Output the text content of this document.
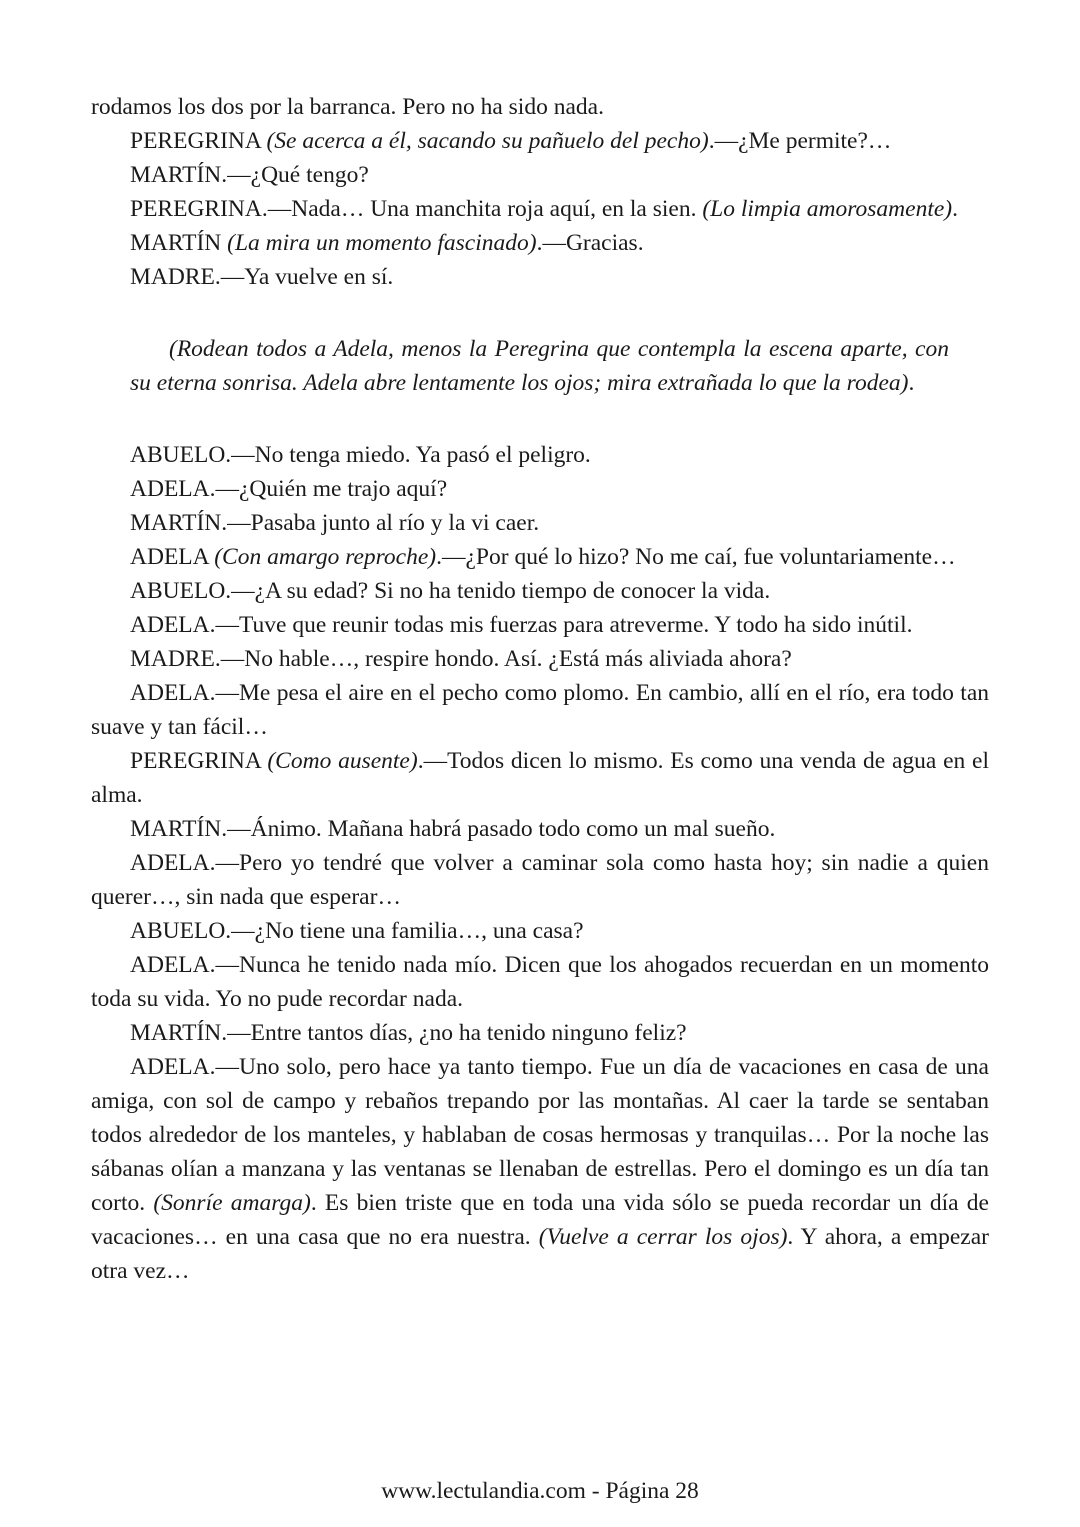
rodamos los dos por la barranca. Pero no ha sido nada.

PEREGRINA (Se acerca a él, sacando su pañuelo del pecho).—¿Me permite?…

MARTÍN.—¿Qué tengo?

PEREGRINA.—Nada… Una manchita roja aquí, en la sien. (Lo limpia amorosamente).

MARTÍN (La mira un momento fascinado).—Gracias.

MADRE.—Ya vuelve en sí.

(Rodean todos a Adela, menos la Peregrina que contempla la escena aparte, con su eterna sonrisa. Adela abre lentamente los ojos; mira extrañada lo que la rodea).

ABUELO.—No tenga miedo. Ya pasó el peligro.

ADELA.—¿Quién me trajo aquí?

MARTÍN.—Pasaba junto al río y la vi caer.

ADELA (Con amargo reproche).—¿Por qué lo hizo? No me caí, fue voluntariamente…

ABUELO.—¿A su edad? Si no ha tenido tiempo de conocer la vida.

ADELA.—Tuve que reunir todas mis fuerzas para atreverme. Y todo ha sido inútil.

MADRE.—No hable…, respire hondo. Así. ¿Está más aliviada ahora?

ADELA.—Me pesa el aire en el pecho como plomo. En cambio, allí en el río, era todo tan suave y tan fácil…

PEREGRINA (Como ausente).—Todos dicen lo mismo. Es como una venda de agua en el alma.

MARTÍN.—Ánimo. Mañana habrá pasado todo como un mal sueño.

ADELA.—Pero yo tendré que volver a caminar sola como hasta hoy; sin nadie a quien querer…, sin nada que esperar…

ABUELO.—¿No tiene una familia…, una casa?

ADELA.—Nunca he tenido nada mío. Dicen que los ahogados recuerdan en un momento toda su vida. Yo no pude recordar nada.

MARTÍN.—Entre tantos días, ¿no ha tenido ninguno feliz?

ADELA.—Uno solo, pero hace ya tanto tiempo. Fue un día de vacaciones en casa de una amiga, con sol de campo y rebaños trepando por las montañas. Al caer la tarde se sentaban todos alrededor de los manteles, y hablaban de cosas hermosas y tranquilas… Por la noche las sábanas olían a manzana y las ventanas se llenaban de estrellas. Pero el domingo es un día tan corto. (Sonríe amarga). Es bien triste que en toda una vida sólo se pueda recordar un día de vacaciones… en una casa que no era nuestra. (Vuelve a cerrar los ojos). Y ahora, a empezar otra vez…

www.lectulandia.com - Página 28
